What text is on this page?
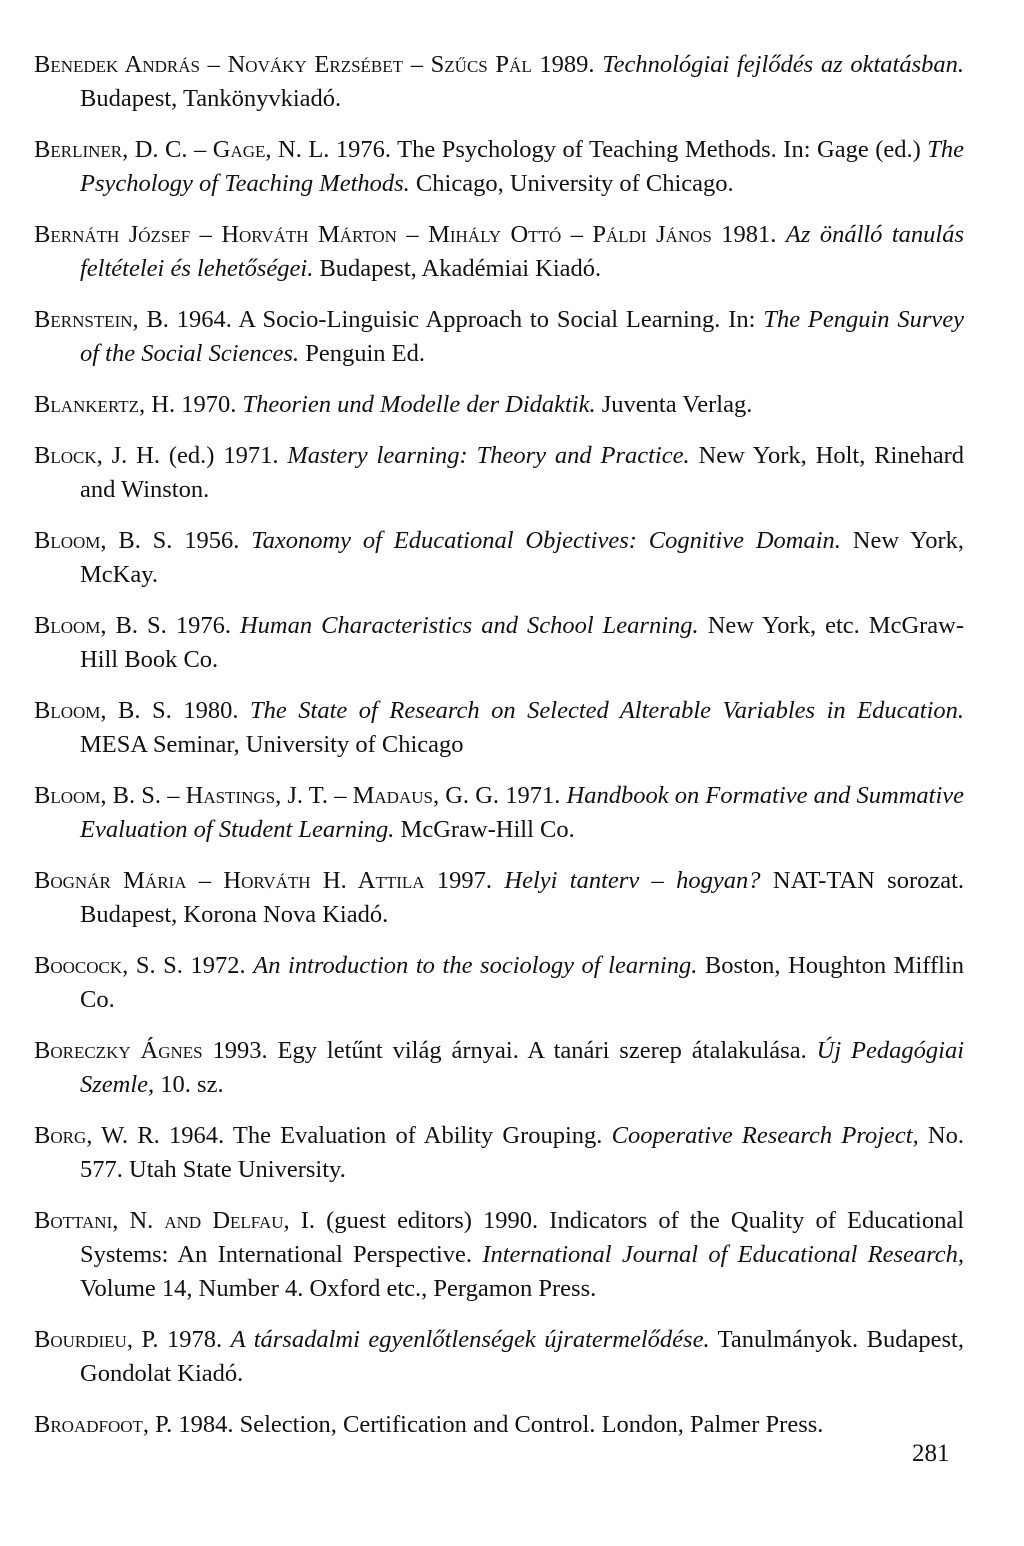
Benedek András – Nováky Erzsébet – Szűcs Pál 1989. Technológiai fejlődés az oktatásban. Budapest, Tankönyvkiadó.

Berliner, D. C. – Gage, N. L. 1976. The Psychology of Teaching Methods. In: Gage (ed.) The Psychology of Teaching Methods. Chicago, University of Chicago.

Bernáth József – Horváth Márton – Mihály Ottó – Páldi János 1981. Az önálló tanulás feltételei és lehetőségei. Budapest, Akadémiai Kiadó.

Bernstein, B. 1964. A Socio-Linguisic Approach to Social Learning. In: The Penguin Survey of the Social Sciences. Penguin Ed.

Blankertz, H. 1970. Theorien und Modelle der Didaktik. Juventa Verlag.

Block, J. H. (ed.) 1971. Mastery learning: Theory and Practice. New York, Holt, Rinehard and Winston.

Bloom, B. S. 1956. Taxonomy of Educational Objectives: Cognitive Domain. New York, McKay.

Bloom, B. S. 1976. Human Characteristics and School Learning. New York, etc. McGraw-Hill Book Co.

Bloom, B. S. 1980. The State of Research on Selected Alterable Variables in Education. MESA Seminar, University of Chicago

Bloom, B. S. – Hastings, J. T. – Madaus, G. G. 1971. Handbook on Formative and Summative Evaluation of Student Learning. McGraw-Hill Co.

Bognár Mária – Horváth H. Attila 1997. Helyi tanterv – hogyan? NAT-TAN sorozat. Budapest, Korona Nova Kiadó.

Boocock, S. S. 1972. An introduction to the sociology of learning. Boston, Houghton Mifflin Co.

Boreczky Ágnes 1993. Egy letűnt világ árnyai. A tanári szerep átalakulása. Új Pedagógiai Szemle, 10. sz.

Borg, W. R. 1964. The Evaluation of Ability Grouping. Cooperative Research Project, No. 577. Utah State University.

Bottani, N. and Delfau, I. (guest editors) 1990. Indicators of the Quality of Educational Systems: An International Perspective. International Journal of Educational Research, Volume 14, Number 4. Oxford etc., Pergamon Press.

Bourdieu, P. 1978. A társadalmi egyenlőtlenségek újratermelődése. Tanulmányok. Budapest, Gondolat Kiadó.

Broadfoot, P. 1984. Selection, Certification and Control. London, Palmer Press.

281
